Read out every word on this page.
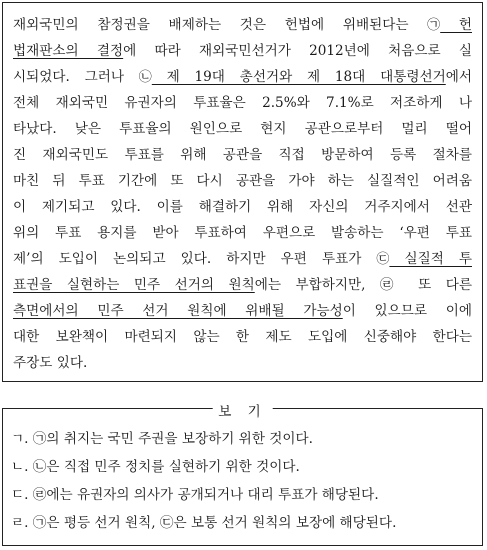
재외국민의 참정권을 배제하는 것은 헌법에 위배된다는 ㉠ 헌
법재판소의 결정에 따라 재외국민선거가 2012년에 처음으로 실
시되었다. 그러나 ㉡ 제 19대 총선거와 제 18대 대통령선거에서
전체 재외국민 유권자의 투표율은 2.5%와 7.1%로 저조하게 나
타났다. 낮은 투표율의 원인으로 현지 공관으로부터 멀리 떨어
진 재외국민도 투표를 위해 공관을 직접 방문하여 등록 절차를
마친 뒤 투표 기간에 또 다시 공관을 가야 하는 실질적인 어려움
이 제기되고 있다. 이를 해결하기 위해 자신의 거주지에서 선관
위의 투표 용지를 받아 투표하여 우편으로 발송하는 ‘우편 투표
제’의 도입이 논의되고 있다. 하지만 우편 투표가 ㉢ 실질적 투
표권을 실현하는 민주 선거의 원칙에는 부합하지만, ㉣ 또 다른
측면에서의 민주 선거 원칙에 위배될 가능성이 있으므로 이에
대한 보완책이 마련되지 않는 한 제도 도입에 신중해야 한다는
주장도 있다.
보 기
ㄱ. ㉠의 취지는 국민 주권을 보장하기 위한 것이다.
ㄴ. ㉡은 직접 민주 정치를 실현하기 위한 것이다.
ㄷ. ㉣에는 유권자의 의사가 공개되거나 대리 투표가 해당된다.
ㄹ. ㉠은 평등 선거 원칙, ㉢은 보통 선거 원칙의 보장에 해당된다.
